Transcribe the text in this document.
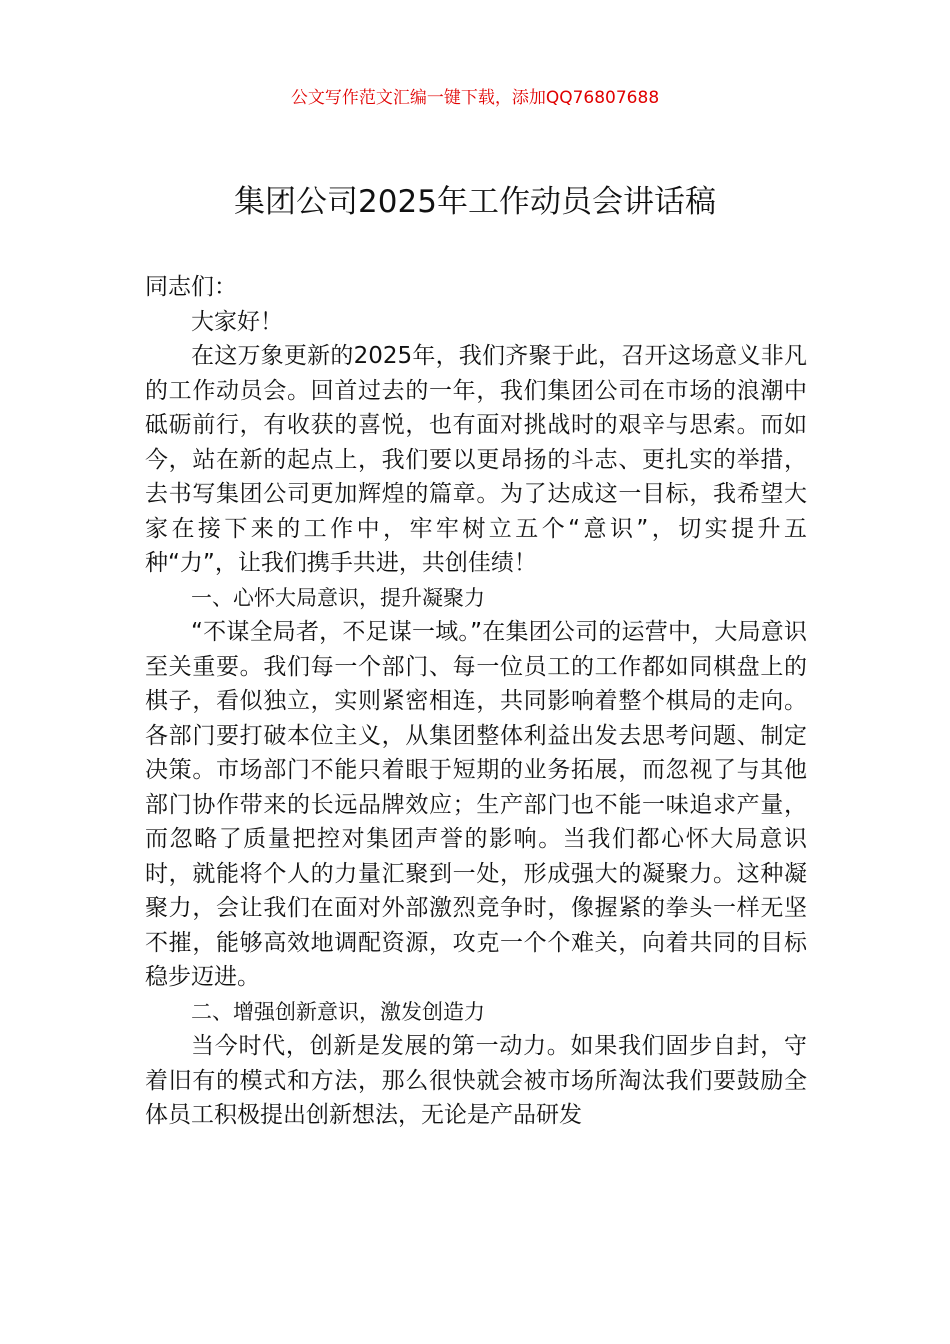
公文写作范文汇编一键下载，添加QQ76807688
集团公司2025年工作动员会讲话稿

同志们：

大家好！

在这万象更新的2025年，我们齐聚于此，召开这场意义非凡的工作动员会。回首过去的一年，我们集团公司在市场的浪潮中砥砺前行，有收获的喜悦，也有面对挑战时的艰辛与思索。而如今，站在新的起点上，我们要以更昂扬的斗志、更扎实的举措，去书写集团公司更加辉煌的篇章。为了达成这一目标，我希望大家在接下来的工作中，牢牢树立五个“意识”，切实提升五种“力”，让我们携手共进，共创佳绩！

一、心怀大局意识，提升凝聚力

“不谋全局者，不足谋一域。”在集团公司的运营中，大局意识至关重要。我们每一个部门、每一位员工的工作都如同棋盘上的棋子，看似独立，实则紧密相连，共同影响着整个棋局的走向。各部门要打破本位主义，从集团整体利益出发去思考问题、制定决策。市场部门不能只着眼于短期的业务拓展，而忽视了与其他部门协作带来的长远品牌效应；生产部门也不能一味追求产量，而忽略了质量把控对集团声誉的影响。当我们都心怀大局意识时，就能将个人的力量汇聚到一处，形成强大的凝聚力。这种凝聚力，会让我们在面对外部激烈竞争时，像握紧的拳头一样无坚不摧，能够高效地调配资源，攻克一个个难关，向着共同的目标稳步迈进。

二、增强创新意识，激发创造力

当今时代，创新是发展的第一动力。如果我们固步自封，守着旧有的模式和方法，那么很快就会被市场所淘汰我们要鼓励全体员工积极提出创新想法，无论是产品研发
